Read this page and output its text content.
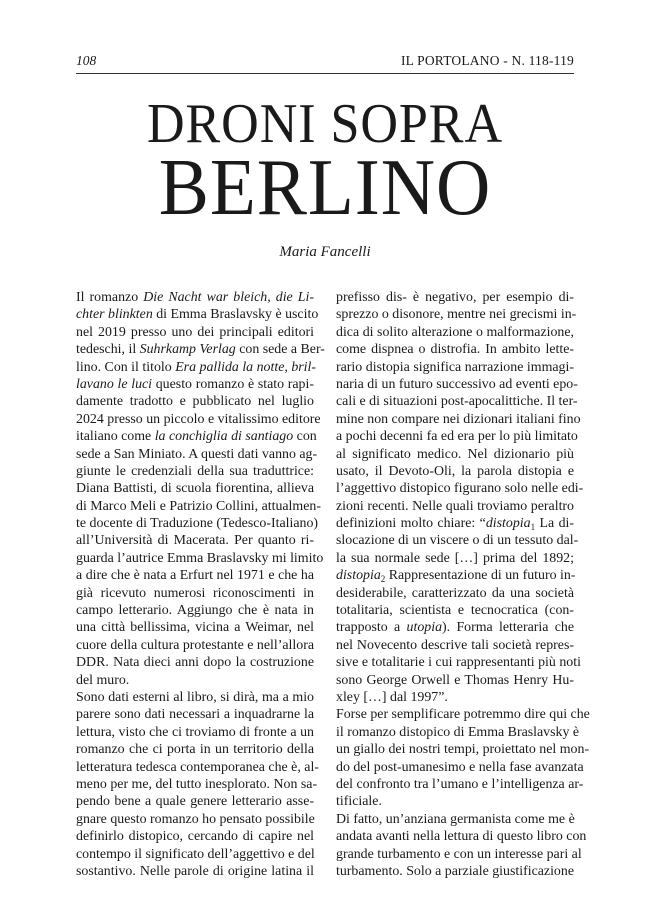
108	IL PORTOLANO - N. 118-119
DRONI SOPRA
BERLINO
Maria Fancelli
Il romanzo Die Nacht war bleich, die Li-
chter blinkten di Emma Braslavsky è uscito
nel 2019 presso uno dei principali editori
tedeschi, il Suhrkamp Verlag con sede a Ber-
lino. Con il titolo Era pallida la notte, bril-
lavano le luci questo romanzo è stato rapi-
damente tradotto e pubblicato nel luglio
2024 presso un piccolo e vitalissimo editore
italiano come la conchiglia di santiago con
sede a San Miniato. A questi dati vanno ag-
giunte le credenziali della sua traduttrice:
Diana Battisti, di scuola fiorentina, allieva
di Marco Meli e Patrizio Collini, attualmen-
te docente di Traduzione (Tedesco-Italiano)
all’Università di Macerata. Per quanto ri-
guarda l’autrice Emma Braslavsky mi limito
a dire che è nata a Erfurt nel 1971 e che ha
già ricevuto numerosi riconoscimenti in
campo letterario. Aggiungo che è nata in
una città bellissima, vicina a Weimar, nel
cuore della cultura protestante e nell’allora
DDR. Nata dieci anni dopo la costruzione
del muro.
Sono dati esterni al libro, si dirà, ma a mio
parere sono dati necessari a inquadrarne la
lettura, visto che ci troviamo di fronte a un
romanzo che ci porta in un territorio della
letteratura tedesca contemporanea che è, al-
meno per me, del tutto inesplorato. Non sa-
pendo bene a quale genere letterario asse-
gnare questo romanzo ho pensato possibile
definirlo distopico, cercando di capire nel
contempo il significato dell’aggettivo e del
sostantivo. Nelle parole di origine latina il
prefisso dis- è negativo, per esempio di-
sprezzo o disonore, mentre nei grecismi in-
dica di solito alterazione o malformazione,
come dispnea o distrofia. In ambito lette-
rario distopia significa narrazione immagi-
naria di un futuro successivo ad eventi epo-
cali e di situazioni post-apocalittiche. Il ter-
mine non compare nei dizionari italiani fino
a pochi decenni fa ed era per lo più limitato
al significato medico. Nel dizionario più
usato, il Devoto-Oli, la parola distopia e
l’aggettivo distopico figurano solo nelle edi-
zioni recenti. Nelle quali troviamo peraltro
definizioni molto chiare: “distopia$_1$ La di-
slocazione di un viscere o di un tessuto dal-
la sua normale sede […] prima del 1892;
distopia$_2$ Rappresentazione di un futuro in-
desiderabile, caratterizzato da una società
totalitaria, scientista e tecnocratica (con-
trapposto a utopia). Forma letteraria che
nel Novecento descrive tali società repres-
sive e totalitarie i cui rappresentanti più noti
sono George Orwell e Thomas Henry Hu-
xley […] dal 1997”.
Forse per semplificare potremmo dire qui che
il romanzo distopico di Emma Braslavsky è
un giallo dei nostri tempi, proiettato nel mon-
do del post-umanesimo e nella fase avanzata
del confronto tra l’umano e l’intelligenza ar-
tificiale.
Di fatto, un’anziana germanista come me è
andata avanti nella lettura di questo libro con
grande turbamento e con un interesse pari al
turbamento. Solo a parziale giustificazione
